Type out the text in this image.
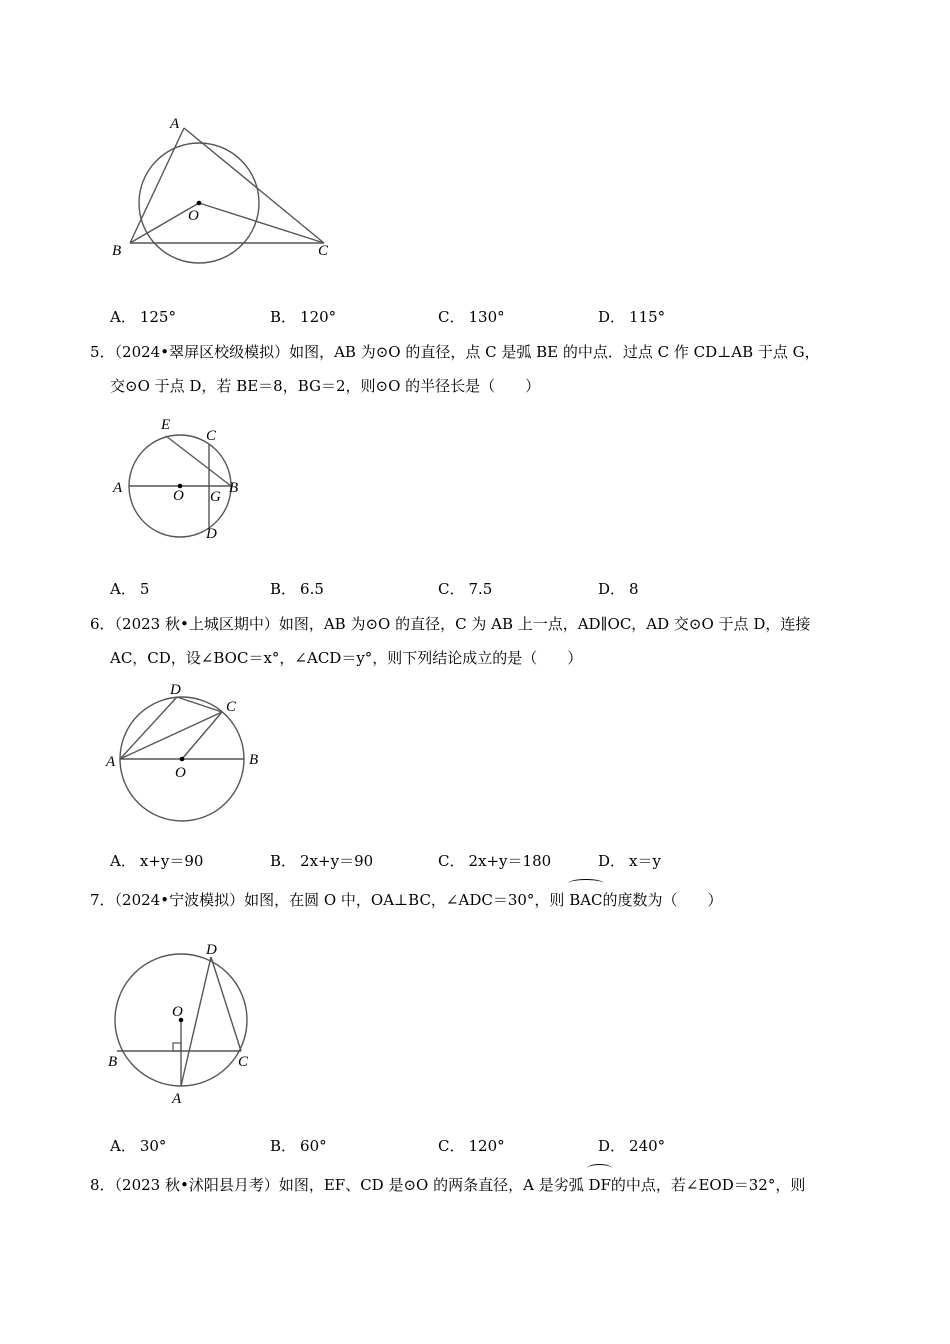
A
B	C
O
A． 125°	B． 120°	C． 130°	D． 115°

5．（2024•翠屏区校级模拟）如图，AB 为⊙O 的直径，点 C 是弧 BE 的中点．过点 C 作 CD⊥AB 于点 G，

交⊙O 于点 D，若 BE＝8，BG＝2，则⊙O 的半径长是（　　）

E
C
A	O G
B
D
A． 5	B． 6.5	C． 7.5	D． 8

6．（2023 秋•上城区期中）如图，AB 为⊙O 的直径，C 为 AB 上一点，AD∥OC，AD 交⊙O 于点 D，连接

AC，CD，设∠BOC＝x°，∠ACD＝y°，则下列结论成立的是（　　）

D
C
A
O
B
A． x+y＝90	B． 2x+y＝90	C． 2x+y＝180	D． x＝y

7．（2024•宁波模拟）如图，在圆 O 中，OA⊥BC，∠ADC＝30°，则 BAC的度数为（　　）

D
O
B	C
A
A． 30°	B． 60°	C． 120°	D． 240°

8．（2023 秋•沭阳县月考）如图，EF、CD 是⊙O 的两条直径，A 是劣弧 DF的中点，若∠EOD＝32°，则
